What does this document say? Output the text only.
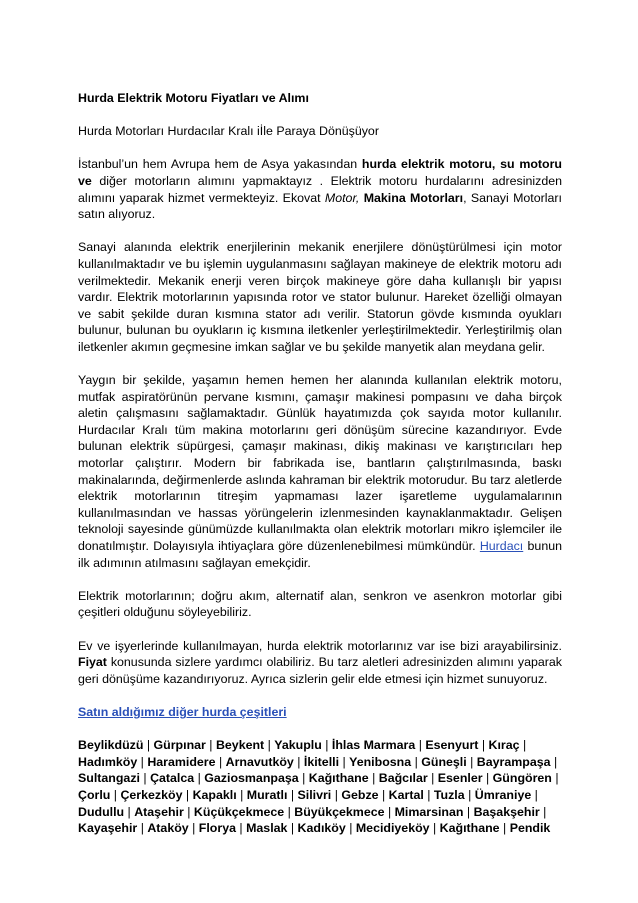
Hurda Elektrik Motoru Fiyatları ve Alımı
Hurda Motorları Hurdacılar Kralı iİle Paraya Dönüşüyor

İstanbul’un hem Avrupa hem de Asya yakasından hurda elektrik motoru, su motoru ve diğer motorların alımını yapmaktayız . Elektrik motoru hurdalarını adresinizden alımını yaparak hizmet vermekteyiz. Ekovat Motor, Makina Motorları, Sanayi Motorları satın alıyoruz.

Sanayi alanında elektrik enerjilerinin mekanik enerjilere dönüştürülmesi için motor kullanılmaktadır ve bu işlemin uygulanmasını sağlayan makineye de elektrik motoru adı verilmektedir. Mekanik enerji veren birçok makineye göre daha kullanışlı bir yapısı vardır. Elektrik motorlarının yapısında rotor ve stator bulunur. Hareket özelliği olmayan ve sabit şekilde duran kısmına stator adı verilir. Statorun gövde kısmında oyukları bulunur, bulunan bu oyukların iç kısmına iletkenler yerleştirilmektedir. Yerleştirilmiş olan iletkenler akımın geçmesine imkan sağlar ve bu şekilde manyetik alan meydana gelir.

Yaygın bir şekilde, yaşamın hemen hemen her alanında kullanılan elektrik motoru, mutfak aspiratörünün pervane kısmını, çamaşır makinesi pompasını ve daha birçok aletin çalışmasını sağlamaktadır. Günlük hayatımızda çok sayıda motor kullanılır. Hurdacılar Kralı tüm makina motorlarını geri dönüşüm sürecine kazandırıyor. Evde bulunan elektrik süpürgesi, çamaşır makinası, dikiş makinası ve karıştırıcıları hep motorlar çalıştırır. Modern bir fabrikada ise, bantların çalıştırılmasında, baskı makinalarında, değirmenlerde aslında kahraman bir elektrik motorudur. Bu tarz aletlerde elektrik motorlarının titreşim yapmaması lazer işaretleme uygulamalarının kullanılmasından ve hassas yörüngelerin izlenmesinden kaynaklanmaktadır. Gelişen teknoloji sayesinde günümüzde kullanılmakta olan elektrik motorları mikro işlemciler ile donatılmıştır. Dolayısıyla ihtiyaçlara göre düzenlenebilmesi mümkündür. Hurdacı bunun ilk adımının atılmasını sağlayan emekçidir.

Elektrik motorlarının; doğru akım, alternatif alan, senkron ve asenkron motorlar gibi çeşitleri olduğunu söyleyebiliriz.

Ev ve işyerlerinde kullanılmayan, hurda elektrik motorlarınız var ise bizi arayabilirsiniz. Fiyat konusunda sizlere yardımcı olabiliriz. Bu tarz aletleri adresinizden alımını yaparak geri dönüşüme kazandırıyoruz. Ayrıca sizlerin gelir elde etmesi için hizmet sunuyoruz.

Satın aldığımız diğer hurda çeşitleri
Beylikdüzü | Gürpınar | Beykent | Yakuplu | İhlas Marmara | Esenyurt | Kıraç | Hadımköy | Haramidere | Arnavutköy | İkitelli | Yenibosna | Güneşli | Bayrampaşa | Sultangazi | Çatalca | Gaziosmanpaşa | Kağıthane | Bağcılar | Esenler | Güngören | Çorlu | Çerkezköy | Kapaklı | Muratlı | Silivri | Gebze | Kartal | Tuzla | Ümraniye | Dudullu | Ataşehir | Küçükçekmece | Büyükçekmece | Mimarsinan | Başakşehir | Kayaşehir | Ataköy | Florya | Maslak | Kadıköy | Mecidiyeköy | Kağıthane | Pendik
